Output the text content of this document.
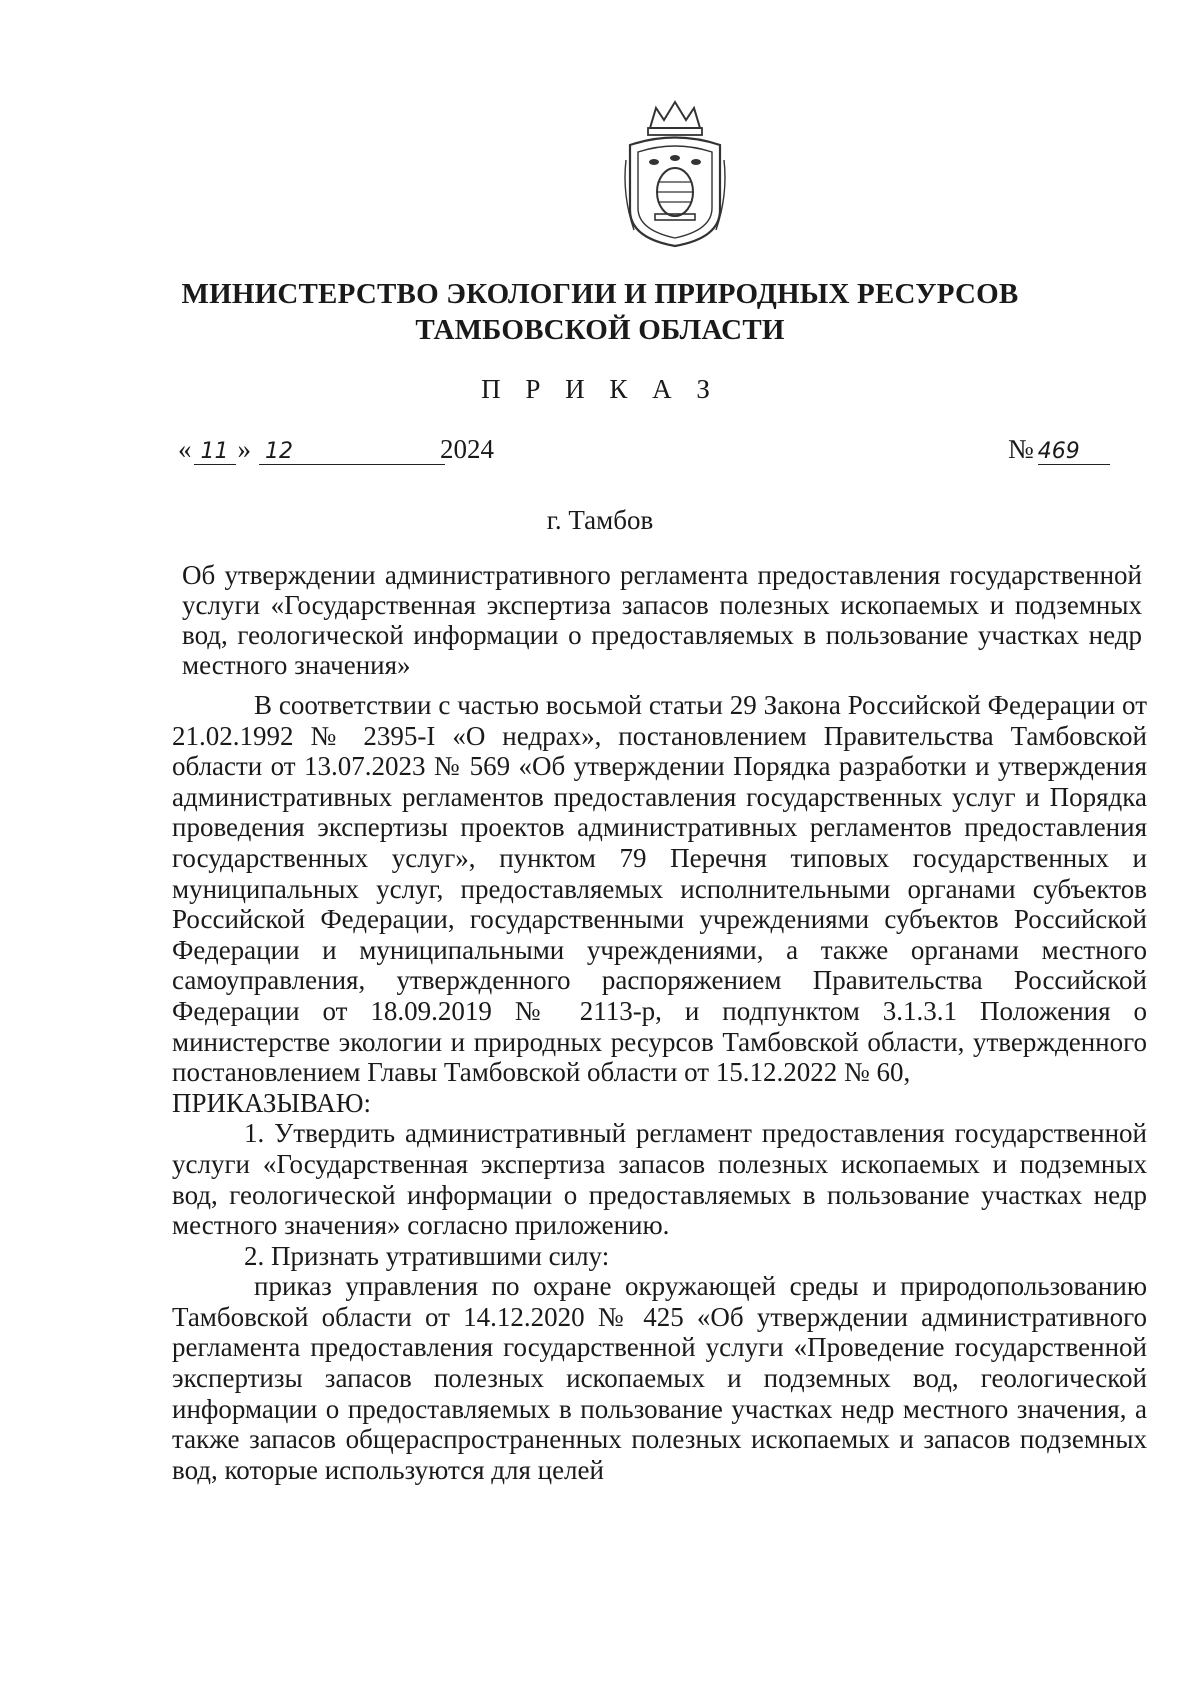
МИНИСТЕРСТВО ЭКОЛОГИИ И ПРИРОДНЫХ РЕСУРСОВ
ТАМБОВСКОЙ ОБЛАСТИ
П Р И К А З
« 11 » 12	2024	№ 469
г. Тамбов
Об утверждении административного регламента предоставления государственной услуги «Государственная экспертиза запасов полезных ископаемых и подземных вод, геологической информации о предоставляемых в пользование участках недр местного значения»

В соответствии с частью восьмой статьи 29 Закона Российской Федерации от 21.02.1992 № 2395-I «О недрах», постановлением Правительства Тамбовской области от 13.07.2023 № 569 «Об утверждении Порядка разработки и утверждения административных регламентов предоставления государственных услуг и Порядка проведения экспертизы проектов административных регламентов предоставления государственных услуг», пунктом 79 Перечня типовых государственных и муниципальных услуг, предоставляемых исполнительными органами субъектов Российской Федерации, государственными учреждениями субъектов Российской Федерации и муниципальными учреждениями, а также органами местного самоуправления, утвержденного распоряжением Правительства Российской Федерации от 18.09.2019 № 2113-р, и подпунктом 3.1.3.1 Положения о министерстве экологии и природных ресурсов Тамбовской области, утвержденного постановлением Главы Тамбовской области от 15.12.2022 № 60,

ПРИКАЗЫВАЮ:

1. Утвердить административный регламент предоставления государственной услуги «Государственная экспертиза запасов полезных ископаемых и подземных вод, геологической информации о предоставляемых в пользование участках недр местного значения» согласно приложению.

2. Признать утратившими силу:

приказ управления по охране окружающей среды и природопользованию Тамбовской области от 14.12.2020 № 425 «Об утверждении административного регламента предоставления государственной услуги «Проведение государственной экспертизы запасов полезных ископаемых и подземных вод, геологической информации о предоставляемых в пользование участках недр местного значения, а также запасов общераспространенных полезных ископаемых и запасов подземных вод, которые используются для целей
